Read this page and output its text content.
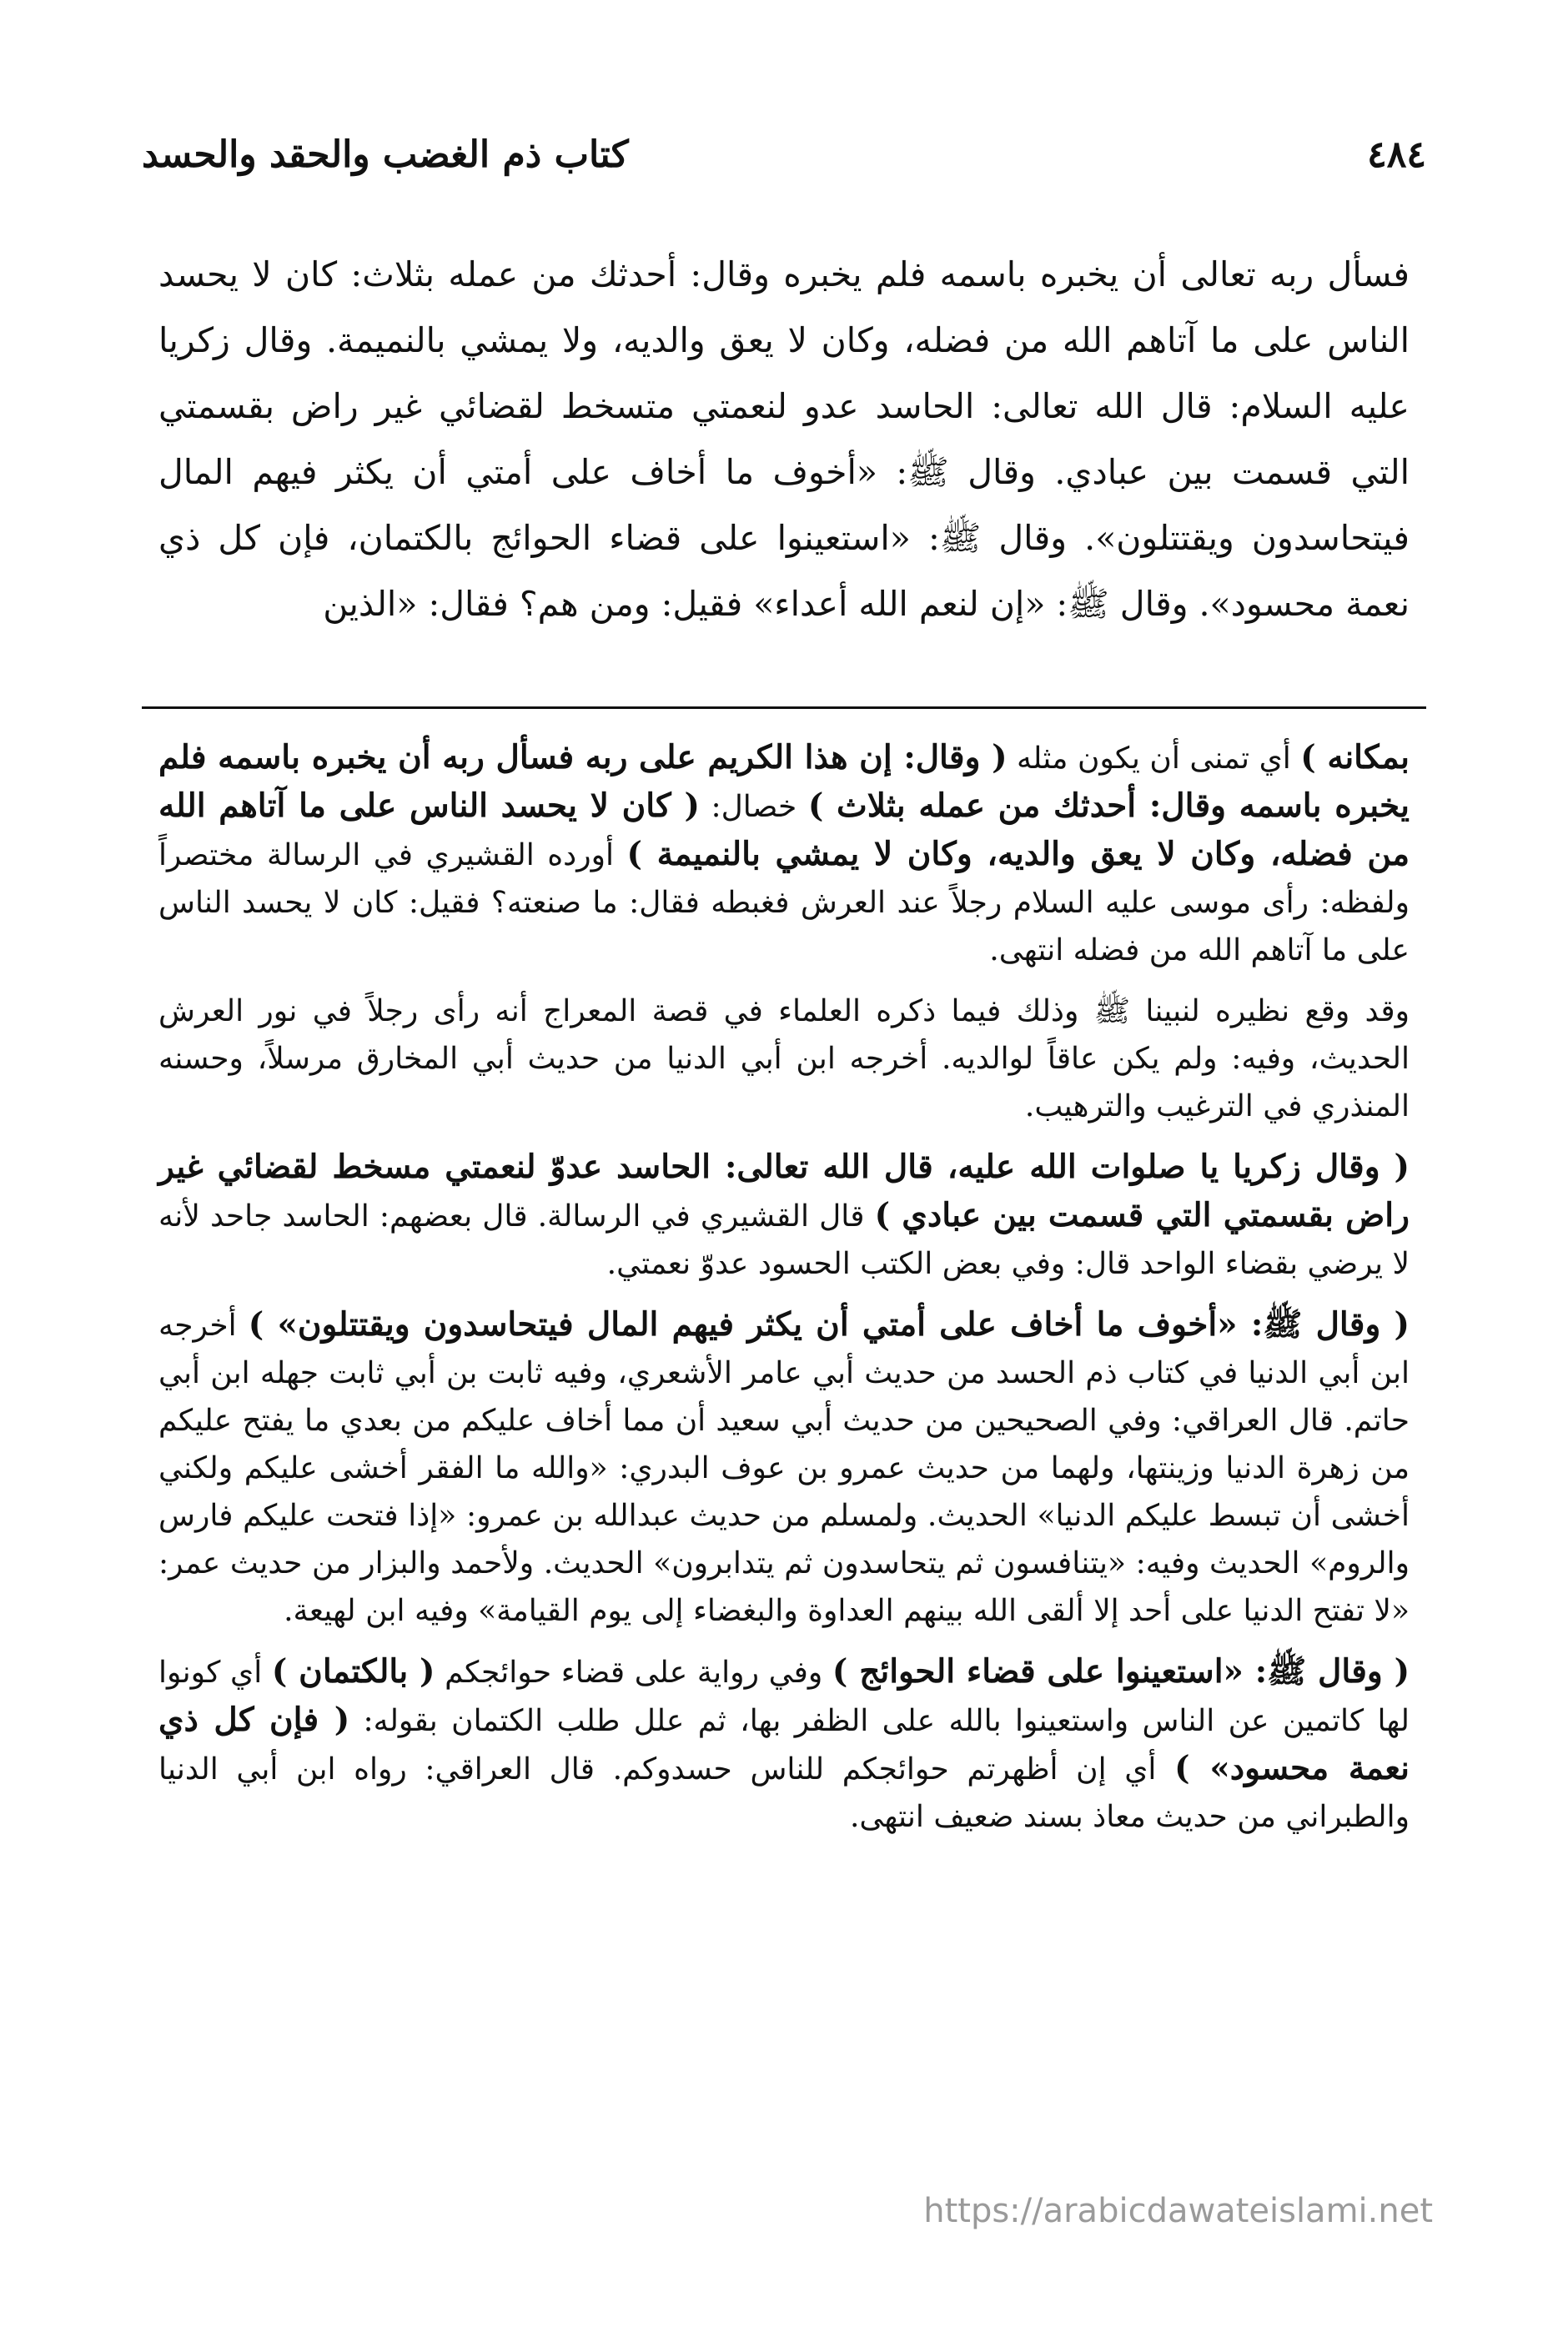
٤٨٤
كتاب ذم الغضب والحقد والحسد
فسأل ربه تعالى أن يخبره باسمه فلم يخبره وقال: أحدثك من عمله بثلاث: كان لا يحسد الناس على ما آتاهم الله من فضله، وكان لا يعق والديه، ولا يمشي بالنميمة. وقال زكريا عليه السلام: قال الله تعالى: الحاسد عدو لنعمتي متسخط لقضائي غير راض بقسمتي التي قسمت بين عبادي. وقال ﷺ: «أخوف ما أخاف على أمتي أن يكثر فيهم المال فيتحاسدون ويقتتلون». وقال ﷺ: «استعينوا على قضاء الحوائج بالكتمان، فإن كل ذي نعمة محسود». وقال ﷺ: «إن لنعم الله أعداء» فقيل: ومن هم؟ فقال: «الذين

بمكانه ) أي تمنى أن يكون مثله ( وقال: إن هذا الكريم على ربه فسأل ربه أن يخبره باسمه فلم يخبره باسمه وقال: أحدثك من عمله بثلاث ) خصال: ( كان لا يحسد الناس على ما آتاهم الله من فضله، وكان لا يعق والديه، وكان لا يمشي بالنميمة ) أورده القشيري في الرسالة مختصراً ولفظه: رأى موسى عليه السلام رجلاً عند العرش فغبطه فقال: ما صنعته؟ فقيل: كان لا يحسد الناس على ما آتاهم الله من فضله انتهى.

وقد وقع نظيره لنبينا ﷺ وذلك فيما ذكره العلماء في قصة المعراج أنه رأى رجلاً في نور العرش الحديث، وفيه: ولم يكن عاقاً لوالديه. أخرجه ابن أبي الدنيا من حديث أبي المخارق مرسلاً، وحسنه المنذري في الترغيب والترهيب.

( وقال زكريا يا صلوات الله عليه، قال الله تعالى: الحاسد عدوّ لنعمتي مسخط لقضائي غير راض بقسمتي التي قسمت بين عبادي ) قال القشيري في الرسالة. قال بعضهم: الحاسد جاحد لأنه لا يرضي بقضاء الواحد قال: وفي بعض الكتب الحسود عدوّ نعمتي.

( وقال ﷺ: «أخوف ما أخاف على أمتي أن يكثر فيهم المال فيتحاسدون ويقتتلون» ) أخرجه ابن أبي الدنيا في كتاب ذم الحسد من حديث أبي عامر الأشعري، وفيه ثابت بن أبي ثابت جهله ابن أبي حاتم. قال العراقي: وفي الصحيحين من حديث أبي سعيد أن مما أخاف عليكم من بعدي ما يفتح عليكم من زهرة الدنيا وزينتها، ولهما من حديث عمرو بن عوف البدري: «والله ما الفقر أخشى عليكم ولكني أخشى أن تبسط عليكم الدنيا» الحديث. ولمسلم من حديث عبدالله بن عمرو: «إذا فتحت عليكم فارس والروم» الحديث وفيه: «يتنافسون ثم يتحاسدون ثم يتدابرون» الحديث. ولأحمد والبزار من حديث عمر: «لا تفتح الدنيا على أحد إلا ألقى الله بينهم العداوة والبغضاء إلى يوم القيامة» وفيه ابن لهيعة.

( وقال ﷺ: «استعينوا على قضاء الحوائج ) وفي رواية على قضاء حوائجكم ( بالكتمان ) أي كونوا لها كاتمين عن الناس واستعينوا بالله على الظفر بها، ثم علل طلب الكتمان بقوله: ( فإن كل ذي نعمة محسود» ) أي إن أظهرتم حوائجكم للناس حسدوكم. قال العراقي: رواه ابن أبي الدنيا والطبراني من حديث معاذ بسند ضعيف انتهى.

https://arabicdawateislami.net
